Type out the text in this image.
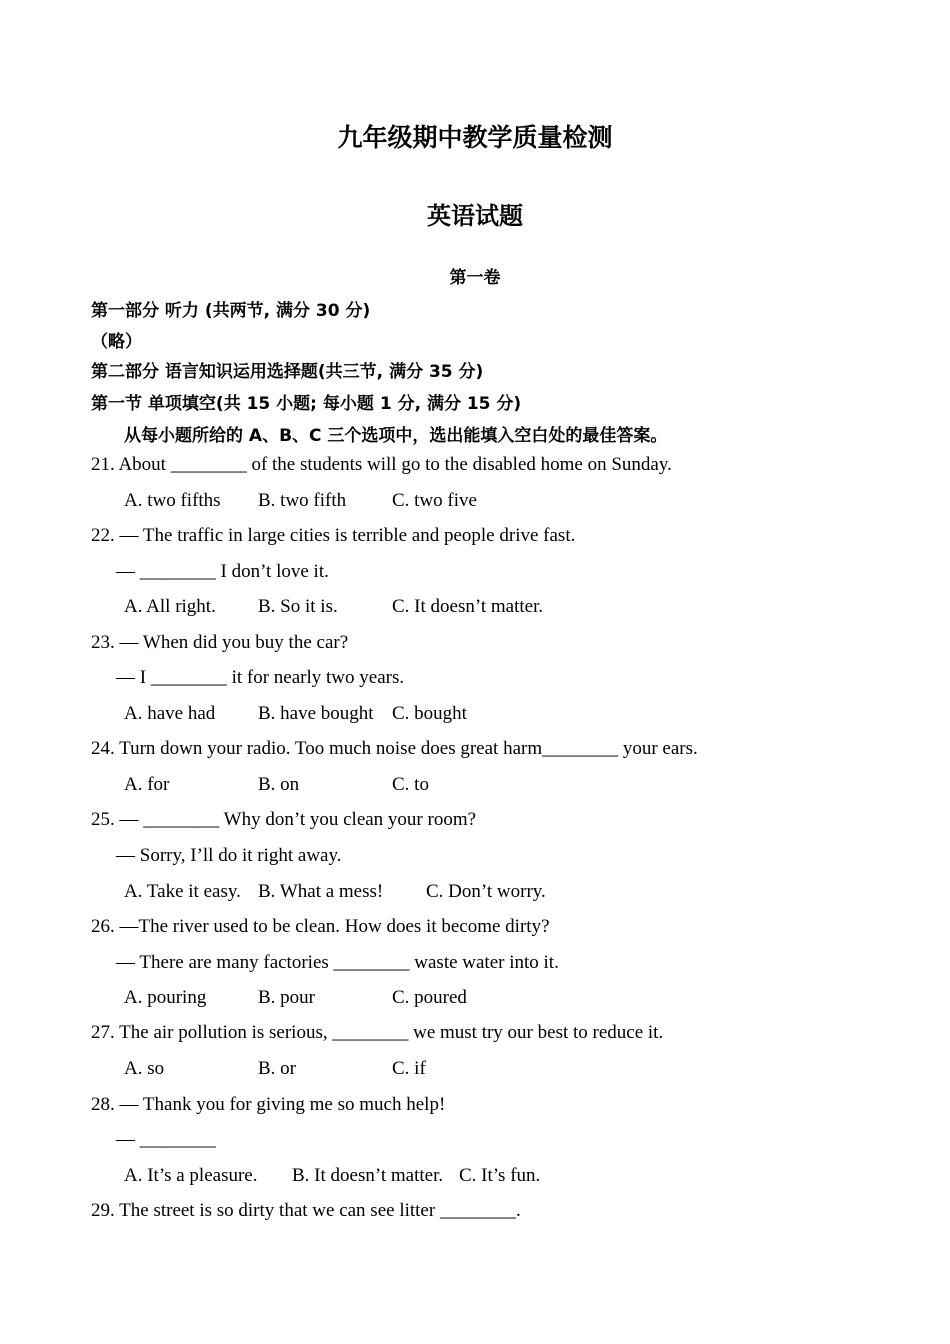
九年级期中教学质量检测
英语试题
第一卷
第一部分 听力 (共两节, 满分 30 分)
（略）
第二部分 语言知识运用选择题(共三节, 满分 35 分)
第一节 单项填空(共 15 小题; 每小题 1 分, 满分 15 分)
从每小题所给的 A、B、C 三个选项中，选出能填入空白处的最佳答案。
21. About ________ of the students will go to the disabled home on Sunday.
A. two fifths B. two fifth C. two five
22. — The traffic in large cities is terrible and people drive fast.
— ________ I don’t love it.
A. All right. B. So it is.	C. It doesn’t matter.
23. — When did you buy the car?
— I ________ it for nearly two years.
A. have had B. have bought C. bought
24. Turn down your radio. Too much noise does great harm________ your ears.
A. for	B. on	C. to
25. — ________ Why don’t you clean your room?
— Sorry, I’ll do it right away.
A. Take it easy. B. What a mess! C. Don’t worry.
26. —The river used to be clean. How does it become dirty?
— There are many factories ________ waste water into it.
A. pouring	B. pour	C. poured
27. The air pollution is serious, ________ we must try our best to reduce it.
A. so	B. or	C. if
28. — Thank you for giving me so much help!
— ________
A. It’s a pleasure. B. It doesn’t matter. C. It’s fun.
29. The street is so dirty that we can see litter ________.
